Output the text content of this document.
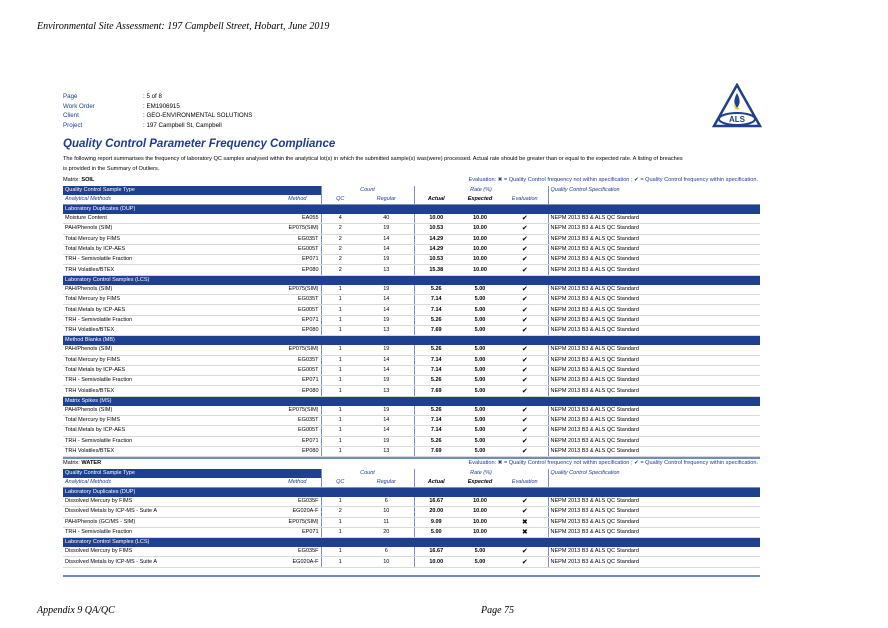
Environmental Site Assessment: 197 Campbell Street, Hobart, June 2019
Page	: 5 of 8
Work Order	: EM1906915
Client	: GEO-ENVIRONMENTAL SOLUTIONS
Project	: 197 Campbell St, Campbell
ALS
Quality Control Parameter Frequency Compliance
The following report summarises the frequency of laboratory QC samples analysed within the analytical lot(s) in which the submitted sample(s) was(were) processed. Actual rate should be greater than or equal to the expected rate. A listing of breaches is provided in the Summary of Outliers.
Matrix: SOIL	Evaluation: ✖ = Quality Control frequency not within specification ; ✔ = Quality Control frequency within specification.
Quality Control Sample Type		Count		Rate (%)			Quality Control Specification
Analytical Methods	Method	QC	Regular	Actual	Expected	Evaluation	
Laboratory Duplicates (DUP)							
Moisture Content	EA055	4	40	10.00	10.00	✔	NEPM 2013 B3 & ALS QC Standard
PAH/Phenols (SIM)	EP075(SIM)	2	19	10.53	10.00	✔	NEPM 2013 B3 & ALS QC Standard
Total Mercury by FIMS	EG035T	2	14	14.29	10.00	✔	NEPM 2013 B3 & ALS QC Standard
Total Metals by ICP-AES	EG005T	2	14	14.29	10.00	✔	NEPM 2013 B3 & ALS QC Standard
TRH - Semivolatile Fraction	EP071	2	19	10.53	10.00	✔	NEPM 2013 B3 & ALS QC Standard
TRH Volatiles/BTEX	EP080	2	13	15.38	10.00	✔	NEPM 2013 B3 & ALS QC Standard
Laboratory Control Samples (LCS)							
PAH/Phenols (SIM)	EP075(SIM)	1	19	5.26	5.00	✔	NEPM 2013 B3 & ALS QC Standard
Total Mercury by FIMS	EG035T	1	14	7.14	5.00	✔	NEPM 2013 B3 & ALS QC Standard
Total Metals by ICP-AES	EG005T	1	14	7.14	5.00	✔	NEPM 2013 B3 & ALS QC Standard
TRH - Semivolatile Fraction	EP071	1	19	5.26	5.00	✔	NEPM 2013 B3 & ALS QC Standard
TRH Volatiles/BTEX	EP080	1	13	7.69	5.00	✔	NEPM 2013 B3 & ALS QC Standard
Method Blanks (MB)							
PAH/Phenols (SIM)	EP075(SIM)	1	19	5.26	5.00	✔	NEPM 2013 B3 & ALS QC Standard
Total Mercury by FIMS	EG035T	1	14	7.14	5.00	✔	NEPM 2013 B3 & ALS QC Standard
Total Metals by ICP-AES	EG005T	1	14	7.14	5.00	✔	NEPM 2013 B3 & ALS QC Standard
TRH - Semivolatile Fraction	EP071	1	19	5.26	5.00	✔	NEPM 2013 B3 & ALS QC Standard
TRH Volatiles/BTEX	EP080	1	13	7.69	5.00	✔	NEPM 2013 B3 & ALS QC Standard
Matrix Spikes (MS)							
PAH/Phenols (SIM)	EP075(SIM)	1	19	5.26	5.00	✔	NEPM 2013 B3 & ALS QC Standard
Total Mercury by FIMS	EG035T	1	14	7.14	5.00	✔	NEPM 2013 B3 & ALS QC Standard
Total Metals by ICP-AES	EG005T	1	14	7.14	5.00	✔	NEPM 2013 B3 & ALS QC Standard
TRH - Semivolatile Fraction	EP071	1	19	5.26	5.00	✔	NEPM 2013 B3 & ALS QC Standard
TRH Volatiles/BTEX	EP080	1	13	7.69	5.00	✔	NEPM 2013 B3 & ALS QC Standard
Matrix: WATER	Evaluation: ✖ = Quality Control frequency not within specification ; ✔ = Quality Control frequency within specification.
Quality Control Sample Type		Count		Rate (%)			Quality Control Specification
Analytical Methods	Method	QC	Regular	Actual	Expected	Evaluation	
Laboratory Duplicates (DUP)							
Dissolved Mercury by FIMS	EG035F	1	6	16.67	10.00	✔	NEPM 2013 B3 & ALS QC Standard
Dissolved Metals by ICP-MS - Suite A	EG020A-F	2	10	20.00	10.00	✔	NEPM 2013 B3 & ALS QC Standard
PAH/Phenols (GC/MS - SIM)	EP075(SIM)	1	11	9.09	10.00	✖	NEPM 2013 B3 & ALS QC Standard
TRH - Semivolatile Fraction	EP071	1	20	5.00	10.00	✖	NEPM 2013 B3 & ALS QC Standard
Laboratory Control Samples (LCS)							
Dissolved Mercury by FIMS	EG035F	1	6	16.67	5.00	✔	NEPM 2013 B3 & ALS QC Standard
Dissolved Metals by ICP-MS - Suite A	EG020A-F	1	10	10.00	5.00	✔	NEPM 2013 B3 & ALS QC Standard
Appendix 9 QA/QC	Page 75
